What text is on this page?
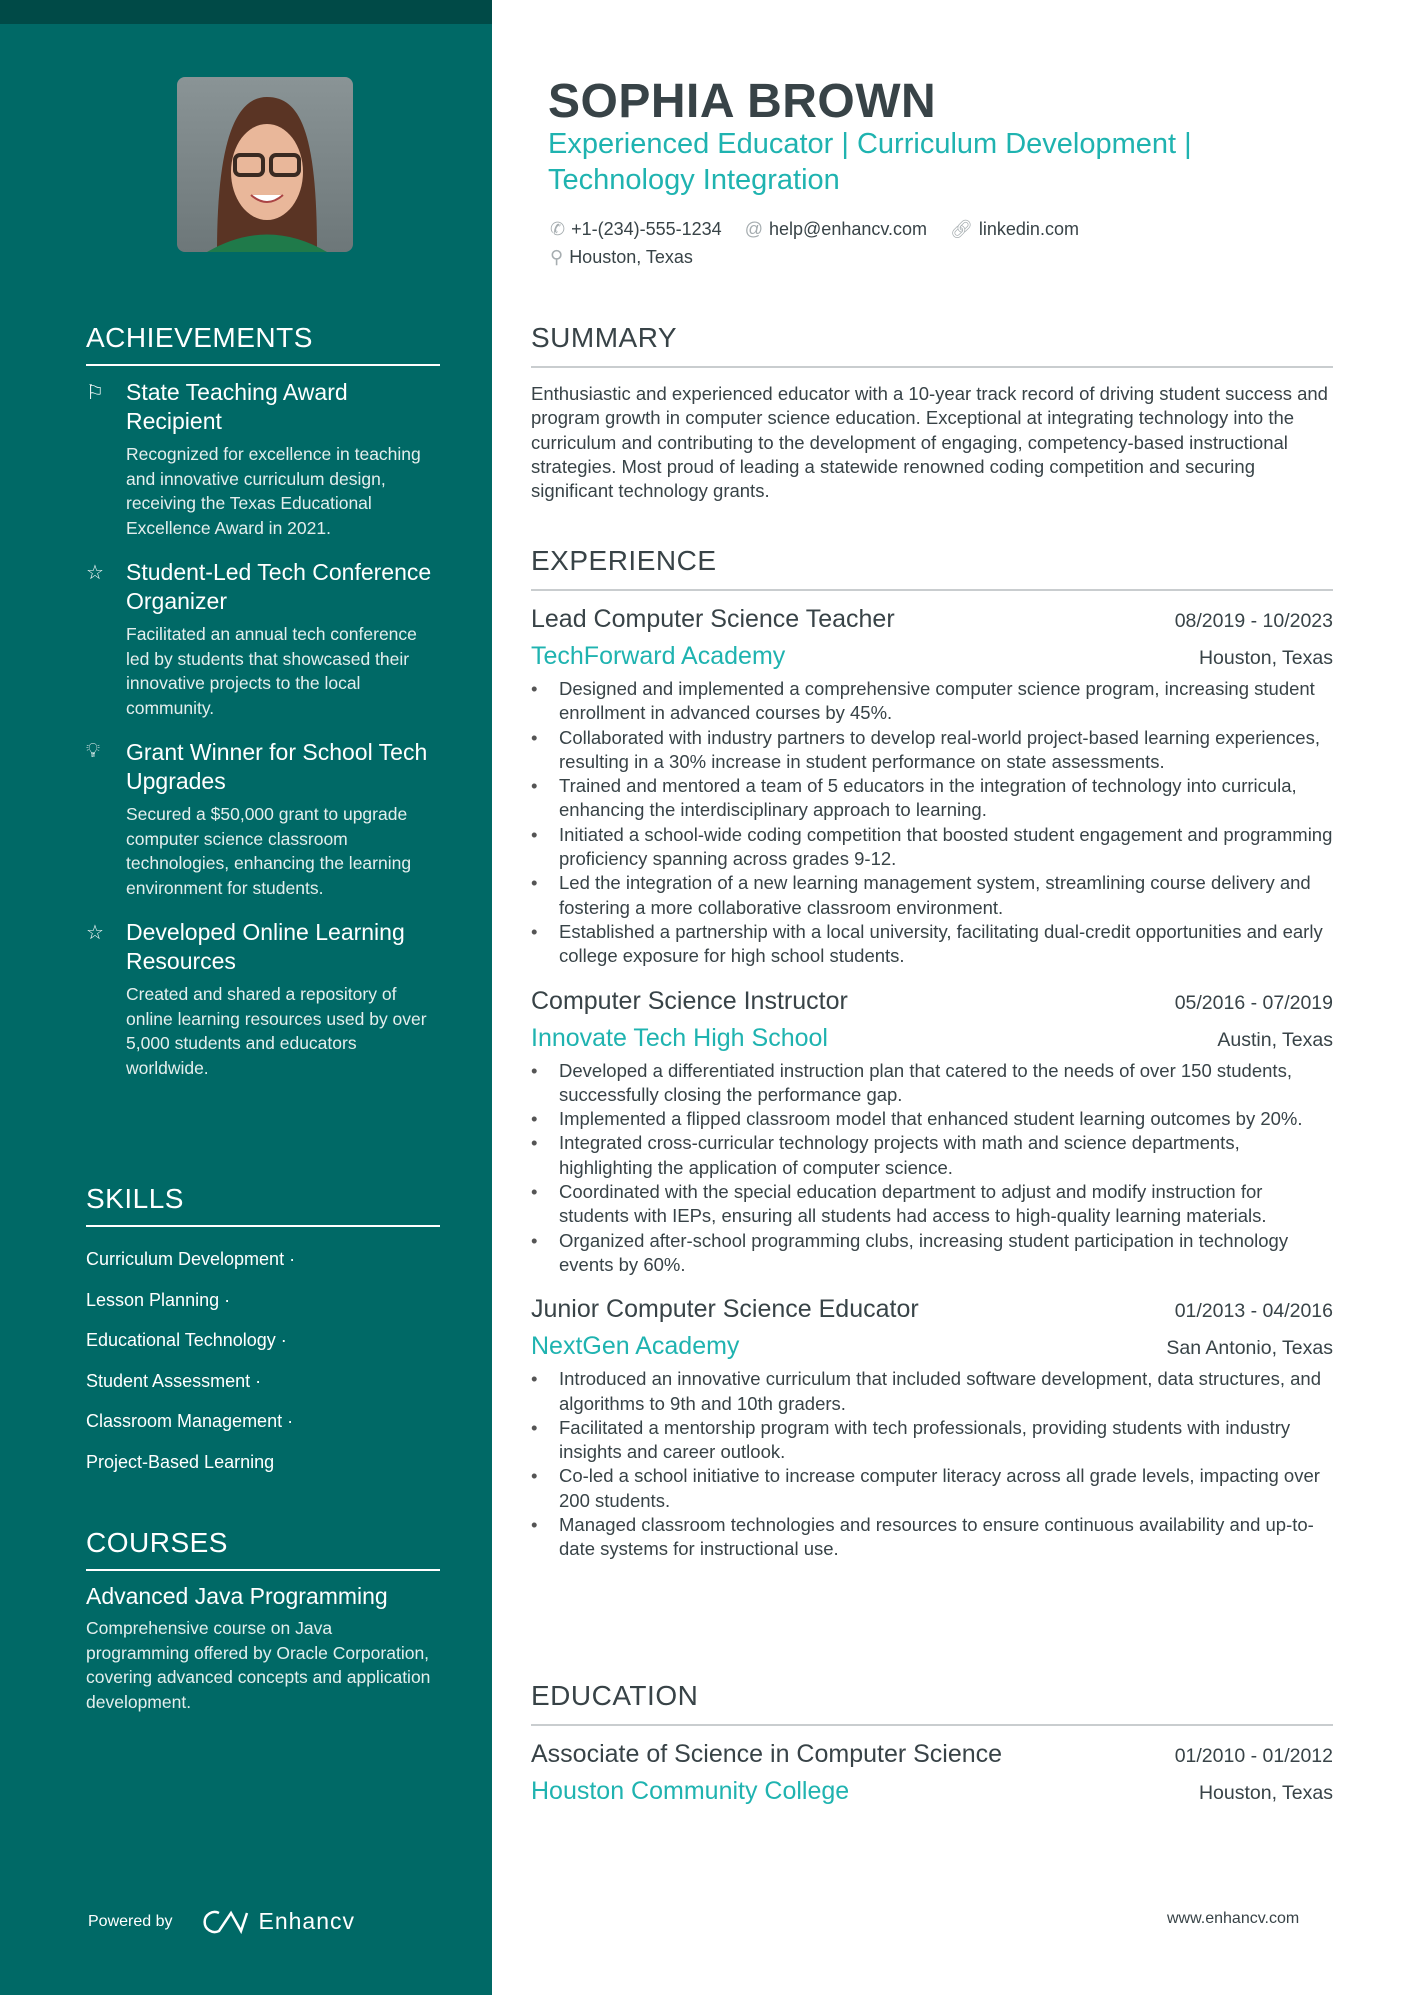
ACHIEVEMENTS
⚐ State Teaching Award Recipient
Recognized for excellence in teaching and innovative curriculum design, receiving the Texas Educational Excellence Award in 2021.
☆ Student-Led Tech Conference Organizer
Facilitated an annual tech conference led by students that showcased their innovative projects to the local community.
💡︎	Grant Winner for School Tech Upgrades
Secured a $50,000 grant to upgrade computer science classroom technologies, enhancing the learning environment for students.
☆ Developed Online Learning Resources
Created and shared a repository of online learning resources used by over 5,000 students and educators worldwide.
SKILLS
Curriculum Development ·
Lesson Planning ·
Educational Technology ·
Student Assessment ·
Classroom Management ·
Project-Based Learning
COURSES
Advanced Java Programming
Comprehensive course on Java programming offered by Oracle Corporation, covering advanced concepts and application development.
Powered by	Enhancv
SOPHIA BROWN
Experienced Educator | Curriculum Development | Technology Integration
✆ +1-(234)-555-1234 @ help@enhancv.com 🔗︎ linkedin.com
⚲ Houston, Texas
SUMMARY
Enthusiastic and experienced educator with a 10-year track record of driving student success and program growth in computer science education. Exceptional at integrating technology into the curriculum and contributing to the development of engaging, competency-based instructional strategies. Most proud of leading a statewide renowned coding competition and securing significant technology grants.
EXPERIENCE
Lead Computer Science Teacher	08/2019 - 10/2023
TechForward Academy	Houston, Texas
• Designed and implemented a comprehensive computer science program, increasing student enrollment in advanced courses by 45%.
• Collaborated with industry partners to develop real-world project-based learning experiences, resulting in a 30% increase in student performance on state assessments.
• Trained and mentored a team of 5 educators in the integration of technology into curricula, enhancing the interdisciplinary approach to learning.
• Initiated a school-wide coding competition that boosted student engagement and programming proficiency spanning across grades 9-12.
• Led the integration of a new learning management system, streamlining course delivery and fostering a more collaborative classroom environment.
• Established a partnership with a local university, facilitating dual-credit opportunities and early college exposure for high school students.
Computer Science Instructor	05/2016 - 07/2019
Innovate Tech High School	Austin, Texas
• Developed a differentiated instruction plan that catered to the needs of over 150 students, successfully closing the performance gap.
• Implemented a flipped classroom model that enhanced student learning outcomes by 20%.
• Integrated cross-curricular technology projects with math and science departments, highlighting the application of computer science.
• Coordinated with the special education department to adjust and modify instruction for students with IEPs, ensuring all students had access to high-quality learning materials.
• Organized after-school programming clubs, increasing student participation in technology events by 60%.
Junior Computer Science Educator	01/2013 - 04/2016
NextGen Academy	San Antonio, Texas
• Introduced an innovative curriculum that included software development, data structures, and algorithms to 9th and 10th graders.
• Facilitated a mentorship program with tech professionals, providing students with industry insights and career outlook.
• Co-led a school initiative to increase computer literacy across all grade levels, impacting over 200 students.
• Managed classroom technologies and resources to ensure continuous availability and up-to-date systems for instructional use.
EDUCATION
Associate of Science in Computer Science	01/2010 - 01/2012
Houston Community College	Houston, Texas
www.enhancv.com
